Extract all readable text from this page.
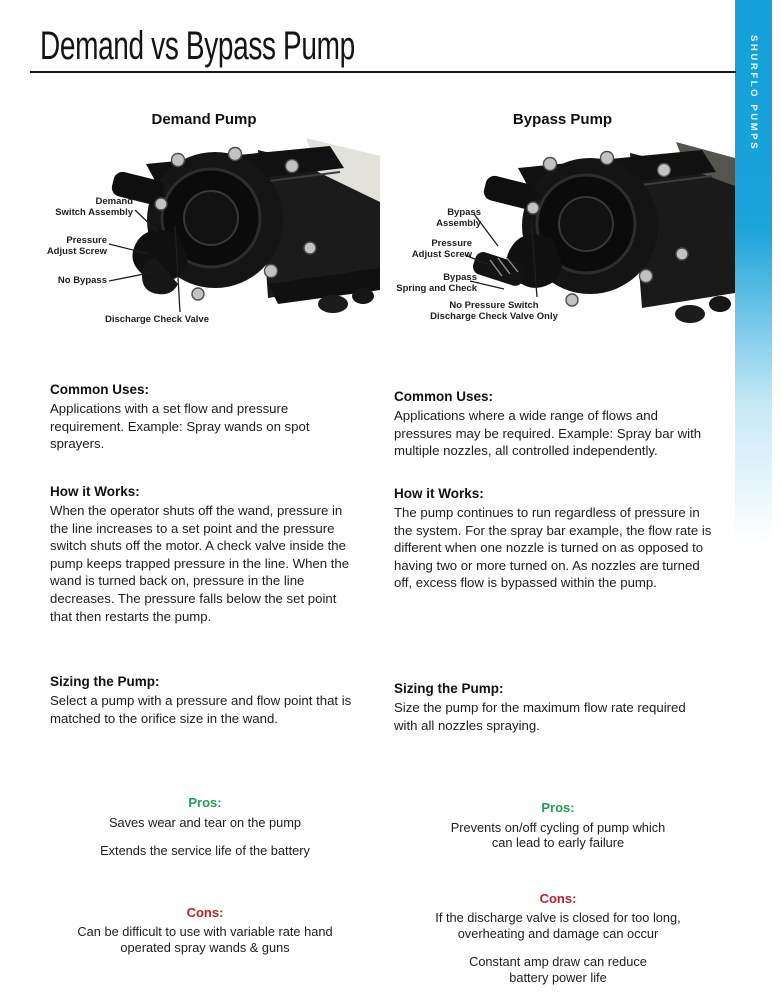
SHURFLO PUMPS
Demand vs Bypass Pump
Demand Pump
Demand
Switch Assembly
Pressure
Adjust Screw
No Bypass
Discharge Check Valve
Bypass Pump
Bypass
Assembly
Pressure
Adjust Screw
Bypass
Spring and Check
No Pressure Switch
Discharge Check Valve Only
Common Uses:

Applications with a set flow and pressure requirement. Example: Spray wands on spot sprayers.

How it Works:

When the operator shuts off the wand, pressure in the line increases to a set point and the pressure switch shuts off the motor. A check valve inside the pump keeps trapped pressure in the line. When the wand is turned back on, pressure in the line decreases. The pressure falls below the set point that then restarts the pump.

Sizing the Pump:

Select a pump with a pressure and flow point that is matched to the orifice size in the wand.

Common Uses:

Applications where a wide range of flows and pressures may be required. Example: Spray bar with multiple nozzles, all controlled independently.

How it Works:

The pump continues to run regardless of pressure in the system. For the spray bar example, the flow rate is different when one nozzle is turned on as opposed to having two or more turned on. As nozzles are turned off, excess flow is bypassed within the pump.

Sizing the Pump:

Size the pump for the maximum flow rate required with all nozzles spraying.

Pros:

Saves wear and tear on the pump

Extends the service life of the battery

Cons:

Can be difficult to use with variable rate hand operated spray wands & guns

Pros:

Prevents on/off cycling of pump which can lead to early failure

Cons:

If the discharge valve is closed for too long, overheating and damage can occur

Constant amp draw can reduce battery power life
